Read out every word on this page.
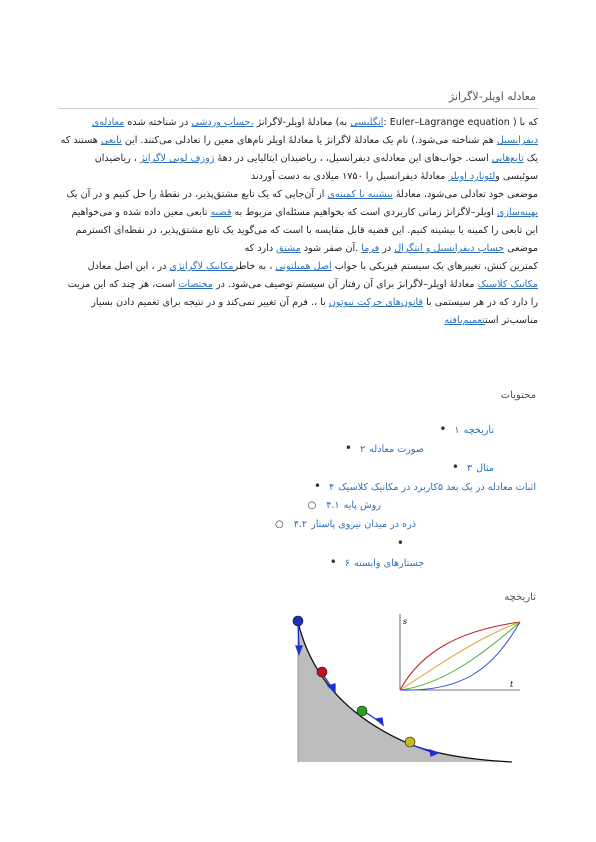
معادله اویلر-لاگرانژ

که با ( Euler–Lagrange equation :انگلیسی به) معادله‌ٔ اویلر-لاگرانژ ،حساب وردشی در شناخته شده معادله‌ی دیفرانسیل هم شناخته می‌شود.) نام یک معادله‌ٔ لاگرانژ یا معادله‌ٔ اویلر نام‌های معین را تعادلی می‌کنند. این تابعی هستند که یک تابع‌هایی است. جواب‌های این معادله‌ی دیفرانسیل، ، ریاضیدان ایتالیایی در دهه‌ٔ ژوزف لویی لاگرانژ ، ریاضیدان سوئیسی ولئونارد اویلر معادله‌ٔ دیفرانسیل را ۱۷۵۰ میلادی به دست آوردند

موضعی خود تعادلی می‌شود، معادله‌ٔ بیشینه یا کمینه‌ی از آن‌جایی که یک تابع مشتق‌پذیر، در نقطه‌ٔ را حل کنیم و در آن یک بهینه‌سازی اویلر–لاگرانژ زمانی کاربردی است که بخواهیم مسئله‌ای مربوط به قضیه تابعی معین داده شده و می‌خواهیم این تابعی را کمینه یا بیشینه کنیم. این قضیه قابل مقایسه با است که می‌گوید یک تابع مشتق‌پذیر، در نقطه‌ای اکسترمم موضعی حساب دیفرانسیل و انتگرال در فرما .آن صفر شود مشتق دارد که

کمترین کنش، تغییرهای یک سیستم فیزیکی با جواب اصل همیلتونی ، به خاطرمکانیک لاگرانژی در ، این اصل معادل مکانیک کلاسیک معادله‌ٔ اویلر–لاگرانژ برای آن رفتار آن سیستم توصیف می‌شود. در مختصات است، هر چند که این مزیت را دارد که در هر سیستمی با قانون‌های حرکت نیوتون با ،. فرم آن تغییر نمی‌کند و در نتیجه برای تعمیم دادن بسیار مناسب‌تر استتعمیم‌یافته

محتویات
تاریخچه۱•
صورت معادله۲•
مثال۳•
اثبات معادله در یک بعد ۵کاربرد در مکانیک کلاسیک۴•
روش پایه۴.۱○
ذره در میدان نیروی پاستار۴.۲○
•
جستارهای وابسته۶•
تاریخچه
s
t
